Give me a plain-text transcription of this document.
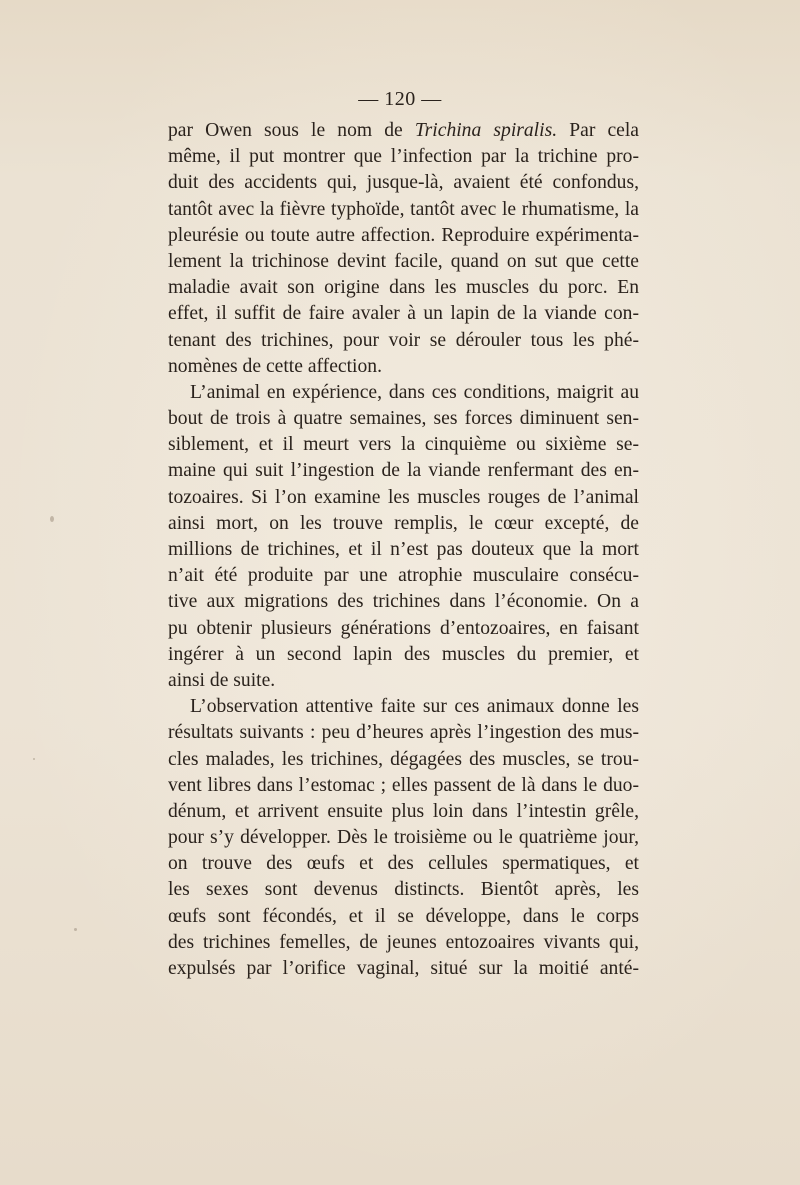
— 120 —
par Owen sous le nom de Trichina spiralis. Par cela
même, il put montrer que l’infection par la trichine pro-
duit des accidents qui, jusque-là, avaient été confondus,
tantôt avec la fièvre typhoïde, tantôt avec le rhumatisme, la
pleurésie ou toute autre affection. Reproduire expérimenta-
lement la trichinose devint facile, quand on sut que cette
maladie avait son origine dans les muscles du porc. En
effet, il suffit de faire avaler à un lapin de la viande con-
tenant des trichines, pour voir se dérouler tous les phé-
nomènes de cette affection.
L’animal en expérience, dans ces conditions, maigrit au
bout de trois à quatre semaines, ses forces diminuent sen-
siblement, et il meurt vers la cinquième ou sixième se-
maine qui suit l’ingestion de la viande renfermant des en-
tozoaires. Si l’on examine les muscles rouges de l’animal
ainsi mort, on les trouve remplis, le cœur excepté, de
millions de trichines, et il n’est pas douteux que la mort
n’ait été produite par une atrophie musculaire consécu-
tive aux migrations des trichines dans l’économie. On a
pu obtenir plusieurs générations d’entozoaires, en faisant
ingérer à un second lapin des muscles du premier, et
ainsi de suite.
L’observation attentive faite sur ces animaux donne les
résultats suivants : peu d’heures après l’ingestion des mus-
cles malades, les trichines, dégagées des muscles, se trou-
vent libres dans l’estomac ; elles passent de là dans le duo-
dénum, et arrivent ensuite plus loin dans l’intestin grêle,
pour s’y développer. Dès le troisième ou le quatrième jour,
on trouve des œufs et des cellules spermatiques, et
les sexes sont devenus distincts. Bientôt après, les
œufs sont fécondés, et il se développe, dans le corps
des trichines femelles, de jeunes entozoaires vivants qui,
expulsés par l’orifice vaginal, situé sur la moitié anté-
